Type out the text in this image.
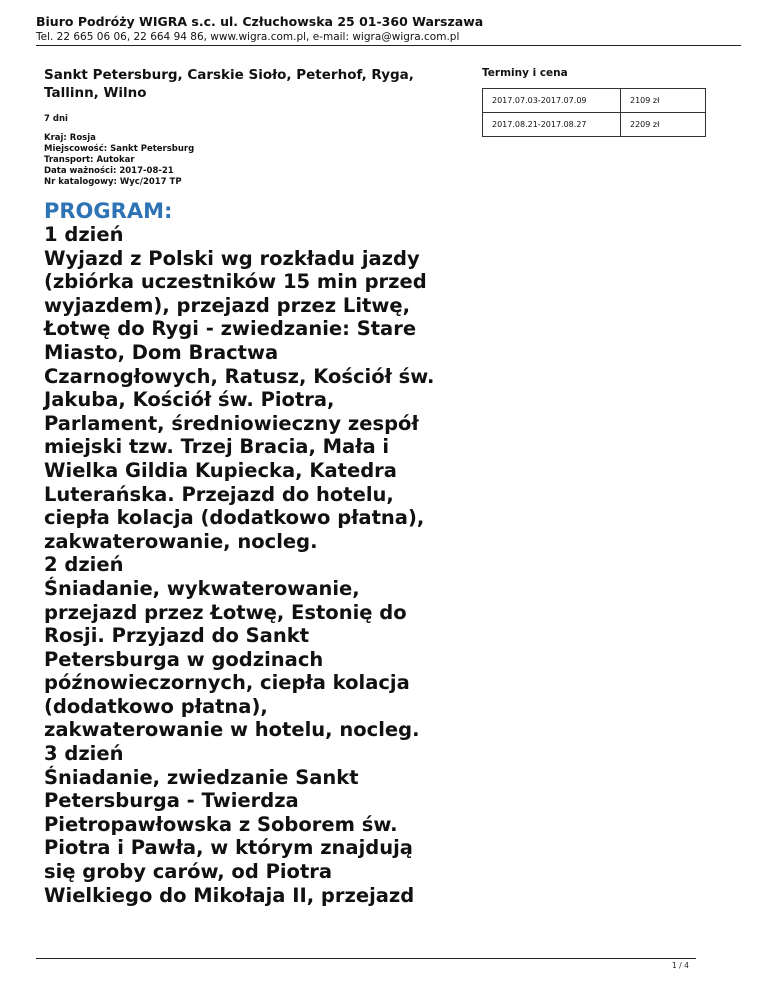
Biuro Podróży WIGRA s.c. ul. Człuchowska 25 01-360 Warszawa
Tel. 22 665 06 06, 22 664 94 86, www.wigra.com.pl, e-mail: wigra@wigra.com.pl
Sankt Petersburg, Carskie Sioło, Peterhof, Ryga,
Tallinn, Wilno
7 dni
Kraj: Rosja
Miejscowość: Sankt Petersburg
Transport: Autokar
Data ważności: 2017-08-21
Nr katalogowy: Wyc/2017 TP
Terminy i cena
2017.07.03-2017.07.09	2109 zł
2017.08.21-2017.08.27	2209 zł
PROGRAM:
1 dzień
Wyjazd z Polski wg rozkładu jazdy
(zbiórka uczestników 15 min przed
wyjazdem), przejazd przez Litwę,
Łotwę do Rygi - zwiedzanie: Stare
Miasto, Dom Bractwa
Czarnogłowych, Ratusz, Kościół św.
Jakuba, Kościół św. Piotra,
Parlament, średniowieczny zespół
miejski tzw. Trzej Bracia, Mała i
Wielka Gildia Kupiecka, Katedra
Luterańska. Przejazd do hotelu,
ciepła kolacja (dodatkowo płatna),
zakwaterowanie, nocleg.
2 dzień
Śniadanie, wykwaterowanie,
przejazd przez Łotwę, Estonię do
Rosji. Przyjazd do Sankt
Petersburga w godzinach
późnowieczornych, ciepła kolacja
(dodatkowo płatna),
zakwaterowanie w hotelu, nocleg.
3 dzień
Śniadanie, zwiedzanie Sankt
Petersburga - Twierdza
Pietropawłowska z Soborem św.
Piotra i Pawła, w którym znajdują
się groby carów, od Piotra
Wielkiego do Mikołaja II, przejazd
1 / 4
